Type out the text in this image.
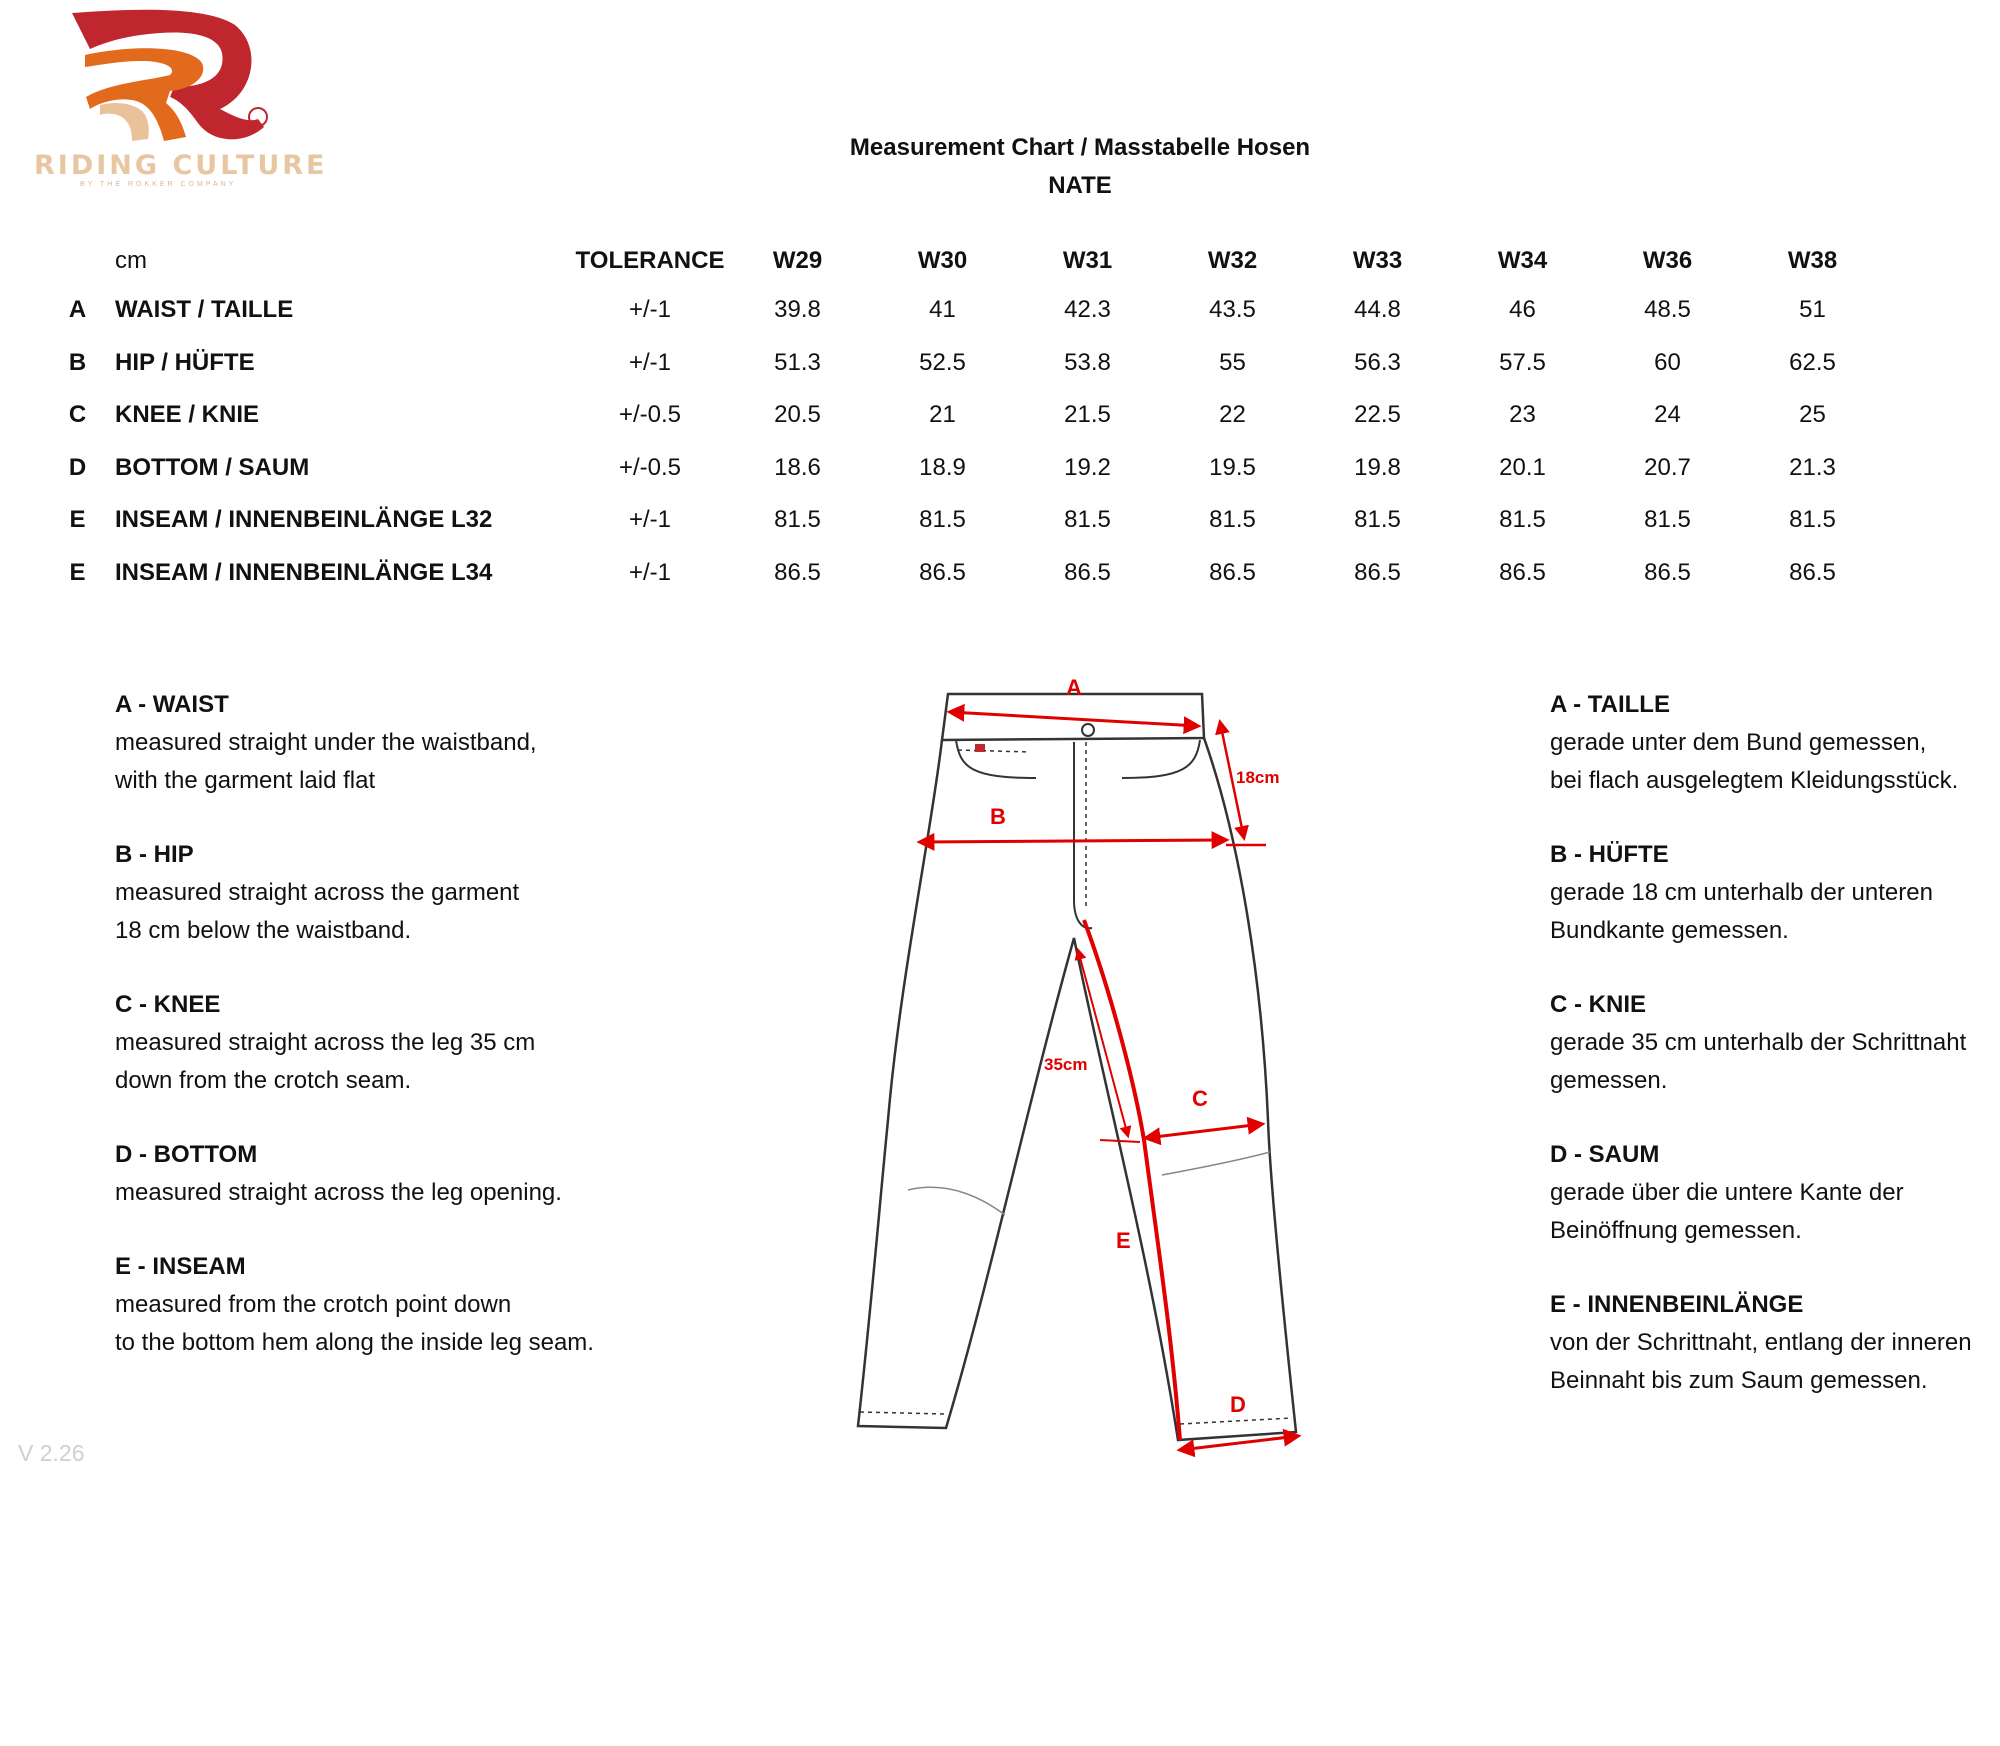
RIDING CULTURE
BY THE ROKKER COMPANY
Measurement Chart / Masstabelle Hosen
NATE
	cm	TOLERANCE	W29	W30	W31	W32	W33	W34	W36	W38
A	WAIST / TAILLE	+/-1	39.8	41	42.3	43.5	44.8	46	48.5	51
B	HIP / HÜFTE	+/-1	51.3	52.5	53.8	55	56.3	57.5	60	62.5
C	KNEE / KNIE	+/-0.5	20.5	21	21.5	22	22.5	23	24	25
D	BOTTOM / SAUM	+/-0.5	18.6	18.9	19.2	19.5	19.8	20.1	20.7	21.3
E	INSEAM / INNENBEINLÄNGE L32	+/-1	81.5	81.5	81.5	81.5	81.5	81.5	81.5	81.5
E	INSEAM / INNENBEINLÄNGE L34	+/-1	86.5	86.5	86.5	86.5	86.5	86.5	86.5	86.5
A - WAIST
measured straight under the waistband,
with the garment laid flat
B - HIP
measured straight across the garment
18 cm below the waistband.
C - KNEE
measured straight across the leg 35 cm
down from the crotch seam.
D - BOTTOM
measured straight across the leg opening.
E - INSEAM
measured from the crotch point down
to the bottom hem along the inside leg seam.
A - TAILLE
gerade unter dem Bund gemessen,
bei flach ausgelegtem Kleidungsstück.
B - HÜFTE
gerade 18 cm unterhalb der unteren
Bundkante gemessen.
C - KNIE
gerade 35 cm unterhalb der Schrittnaht
gemessen.
D - SAUM
gerade über die untere Kante der
Beinöffnung gemessen.
E - INNENBEINLÄNGE
von der Schrittnaht, entlang der inneren
Beinnaht bis zum Saum gemessen.
A
B
C
D
E
18cm
35cm
V 2.26
